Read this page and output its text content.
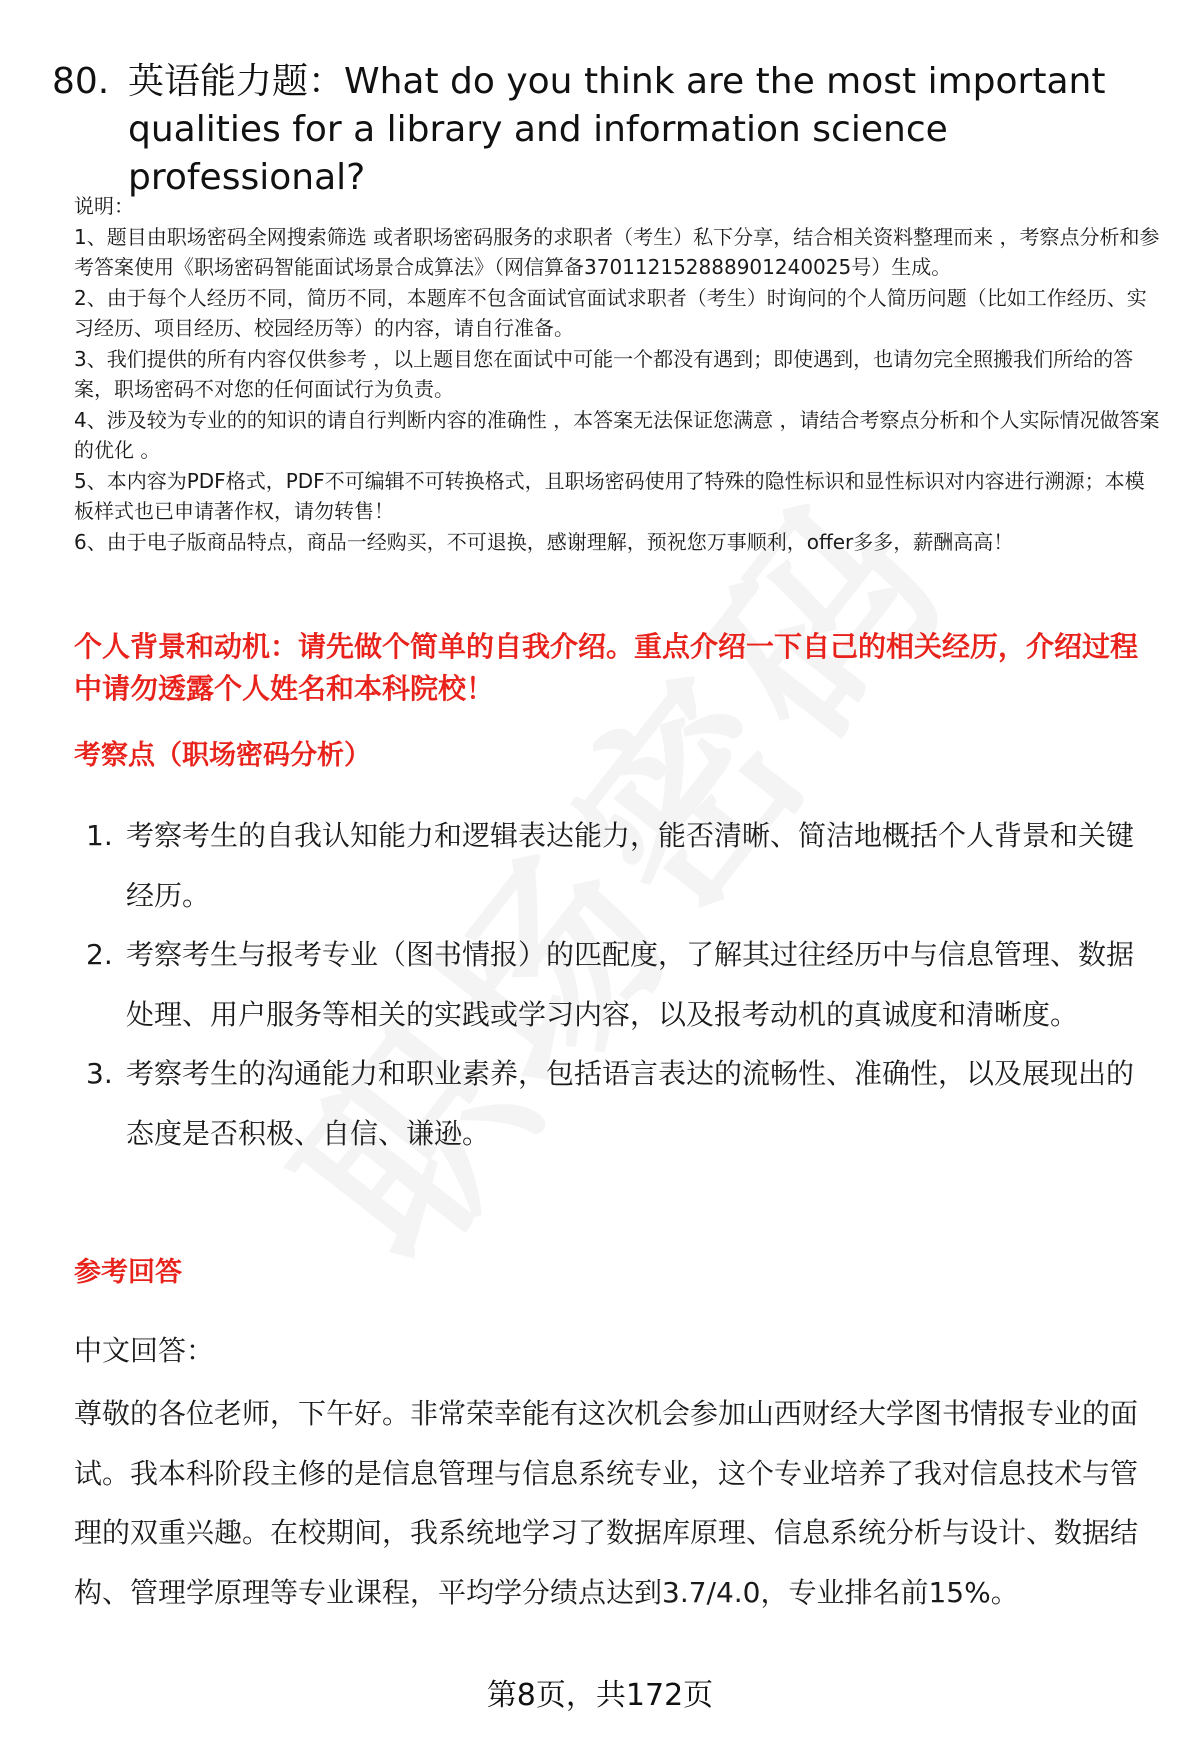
80. 英语能力题：What do you think are the most important qualities for a library and information science professional?

说明：

1、题目由职场密码全网搜索筛选 或者职场密码服务的求职者（考生）私下分享，结合相关资料整理而来 ，考察点分析和参考答案使用《职场密码智能面试场景合成算法》（网信算备370112152888901240025号）生成。

2、由于每个人经历不同，简历不同，本题库不包含面试官面试求职者（考生）时询问的个人简历问题（比如工作经历、实习经历、项目经历、校园经历等）的内容，请自行准备。

3、我们提供的所有内容仅供参考 ，以上题目您在面试中可能一个都没有遇到；即使遇到，也请勿完全照搬我们所给的答案，职场密码不对您的任何面试行为负责。

4、涉及较为专业的的知识的请自行判断内容的准确性 ，本答案无法保证您满意 ，请结合考察点分析和个人实际情况做答案的优化 。

5、本内容为PDF格式，PDF不可编辑不可转换格式，且职场密码使用了特殊的隐性标识和显性标识对内容进行溯源；本模板样式也已申请著作权，请勿转售！

6、由于电子版商品特点，商品一经购买，不可退换，感谢理解，预祝您万事顺利，offer多多，薪酬高高！

个人背景和动机：请先做个简单的自我介绍。重点介绍一下自己的相关经历，介绍过程中请勿透露个人姓名和本科院校！

考察点（职场密码分析）

1. 考察考生的自我认知能力和逻辑表达能力，能否清晰、简洁地概括个人背景和关键经历。
2. 考察考生与报考专业（图书情报）的匹配度，了解其过往经历中与信息管理、数据处理、用户服务等相关的实践或学习内容，以及报考动机的真诚度和清晰度。
3. 考察考生的沟通能力和职业素养，包括语言表达的流畅性、准确性，以及展现出的态度是否积极、自信、谦逊。

参考回答

中文回答：

尊敬的各位老师，下午好。非常荣幸能有这次机会参加山西财经大学图书情报专业的面试。我本科阶段主修的是信息管理与信息系统专业，这个专业培养了我对信息技术与管理的双重兴趣。在校期间，我系统地学习了数据库原理、信息系统分析与设计、数据结构、管理学原理等专业课程，平均学分绩点达到3.7/4.0，专业排名前15%。

第8页，共172页
